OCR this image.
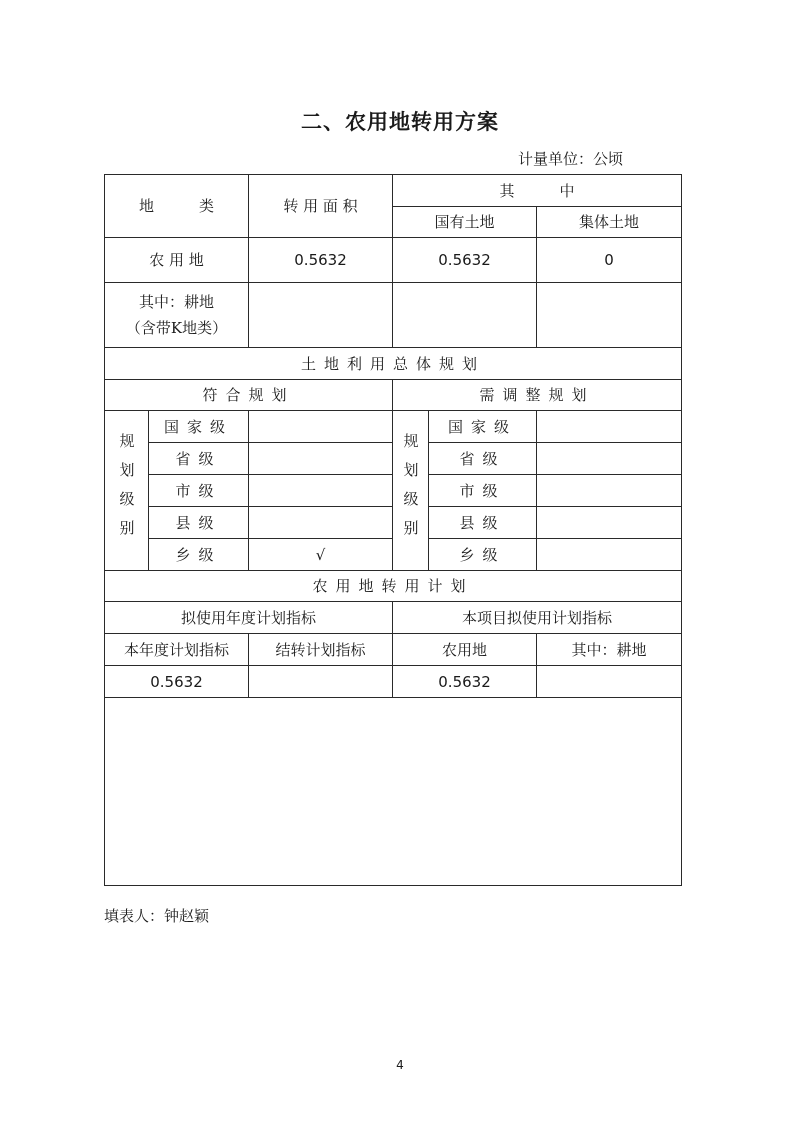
二、农用地转用方案
计量单位：公顷
地　　　类		转 用 面 积	其　　　中		
			国有土地		集体土地
农 用 地		0.5632	0.5632		0

其中：耕地
（含带K地类）					

土地利用总体规划					
符合规划			需调整规划		

规划级别	国家级		规划级别	国家级	
	省级			省级	
	市级			市级	
	县级			县级	
	乡级	√		乡级	
农用地转用计划					
拟使用年度计划指标			本项目拟使用计划指标		
本年度计划指标		结转计划指标	农用地		其中：耕地
0.5632			0.5632		

填表人：钟赵颖
4
